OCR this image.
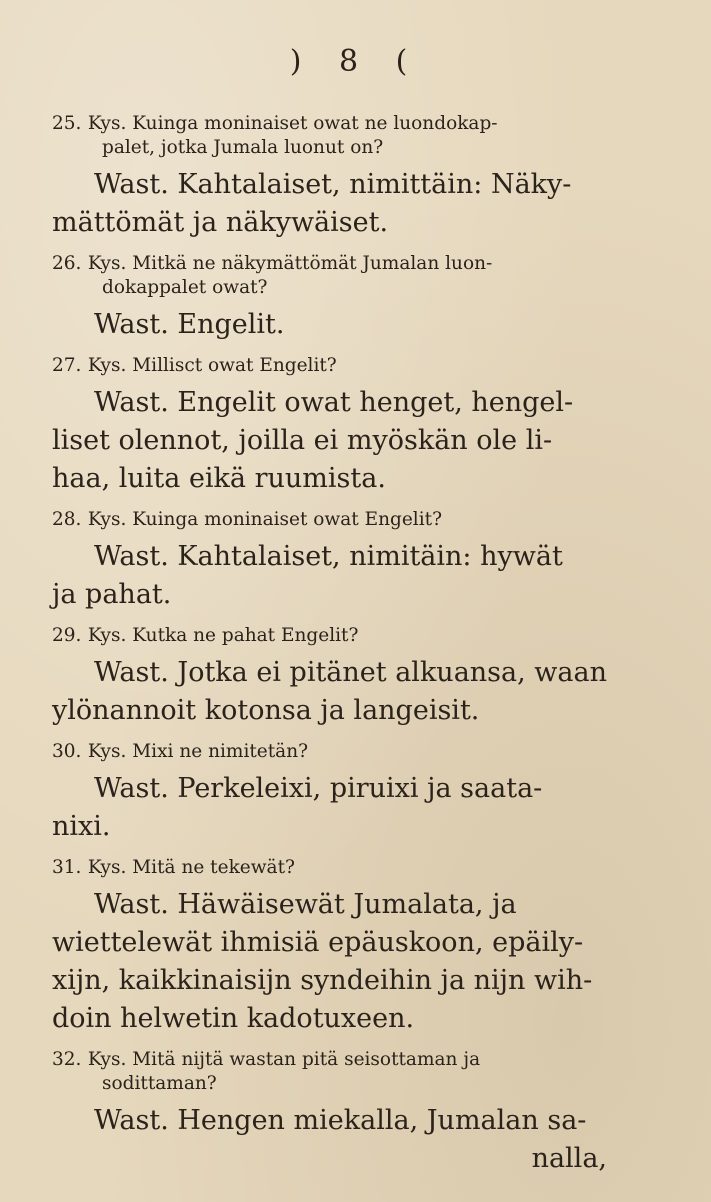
) 8 (
25. Kys. Kuinga moninaiset owat ne luondokap-
palet, jotka Jumala luonut on?
Wast. Kahtalaiset, nimittäin: Näky-
mättömät ja näkywäiset.
26. Kys. Mitkä ne näkymättömät Jumalan luon-
dokappalet owat?
Wast. Engelit.
27. Kys. Millisct owat Engelit?
Wast. Engelit owat henget, hengel-
liset olennot, joilla ei myöskän ole li-
haa, luita eikä ruumista.
28. Kys. Kuinga moninaiset owat Engelit?
Wast. Kahtalaiset, nimitäin: hywät
ja pahat.
29. Kys. Kutka ne pahat Engelit?
Wast. Jotka ei pitänet alkuansa, waan
ylönannoit kotonsa ja langeisit.
30. Kys. Mixi ne nimitetän?
Wast. Perkeleixi, piruixi ja saata-
nixi.
31. Kys. Mitä ne tekewät?
Wast. Häwäisewät Jumalata, ja
wiettelewät ihmisiä epäuskoon, epäily-
xijn, kaikkinaisijn syndeihin ja nijn wih-
doin helwetin kadotuxeen.
32. Kys. Mitä nijtä wastan pitä seisottaman ja
sodittaman?
Wast. Hengen miekalla, Jumalan sa-
nalla,
